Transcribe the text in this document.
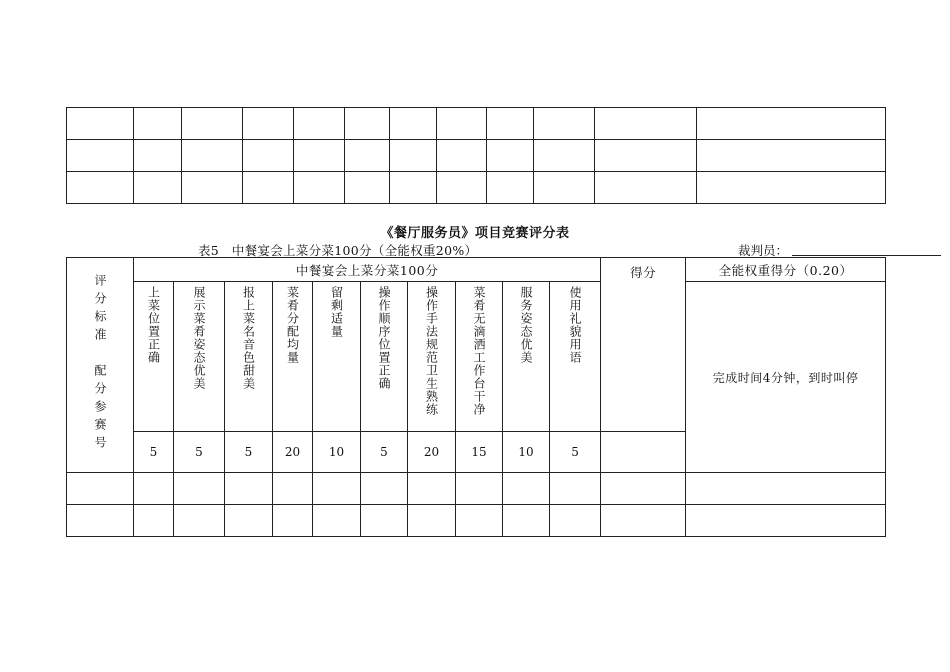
《餐厅服务员》项目竞赛评分表
表5　中餐宴会上菜分菜100分（全能权重20%）	裁判员：
评分标准　配分参赛号	中餐宴会上菜分菜100分										得分	全能权重得分（0.20）
	上菜位置正确	展示菜肴姿态优美	报上菜名音色甜美	菜肴分配均量	留剩适量	操作顺序位置正确	操作手法规范卫生熟练	菜肴无滴洒工作台干净	服务姿态优美	使用礼貌用语		完成时间4分钟，到时叫停
	5	5	5	20	10	5	20	15	10	5		
